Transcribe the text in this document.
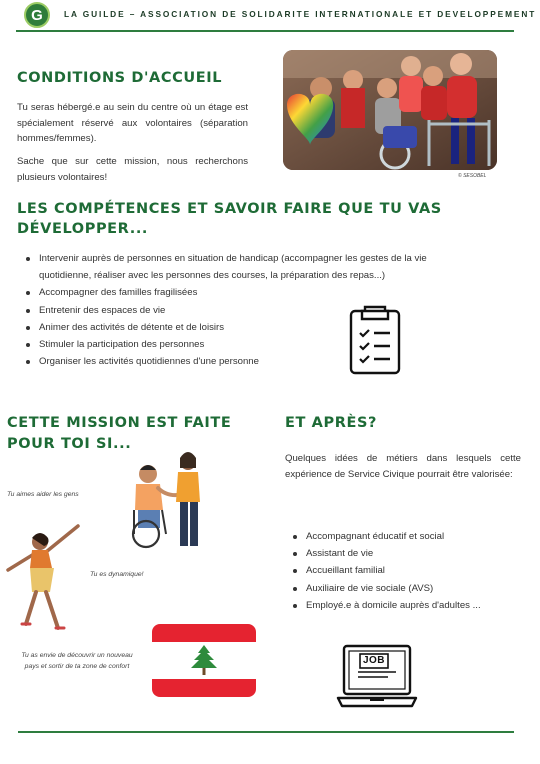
G	LA GUILDE – ASSOCIATION DE SOLIDARITE INTERNATIONALE ET DEVELOPPEMENT
CONDITIONS D'ACCUEIL

Tu seras hébergé.e au sein du centre où un étage est spécialement réservé aux volontaires (séparation hommes/femmes).

Sache que sur cette mission, nous recherchons plusieurs volontaires!	© SESOBEL
LES COMPÉTENCES ET SAVOIR FAIRE QUE TU VAS
DÉVELOPPER...
Intervenir auprès de personnes en situation de handicap (accompagner les gestes de la vie quotidienne, réaliser avec les personnes des courses, la préparation des repas...)
Accompagner des familles fragilisées
Entretenir des espaces de vie
Animer des activités de détente et de loisirs
Stimuler la participation des personnes
Organiser les activités quotidiennes d'une personne
CETTE MISSION EST FAITE
POUR TOI SI...
Tu aimes aider les gens
Tu es dynamique!
Tu as envie de découvrir un nouveau
pays et sortir de ta zone de confort
ET APRÈS?

Quelques idées de métiers dans lesquels cette expérience de Service Civique pourrait être valorisée:

Accompagnant éducatif et social
Assistant de vie
Accueillant familial
Auxiliaire de vie sociale (AVS)
Employé.e à domicile auprès d'adultes ...
JOB
